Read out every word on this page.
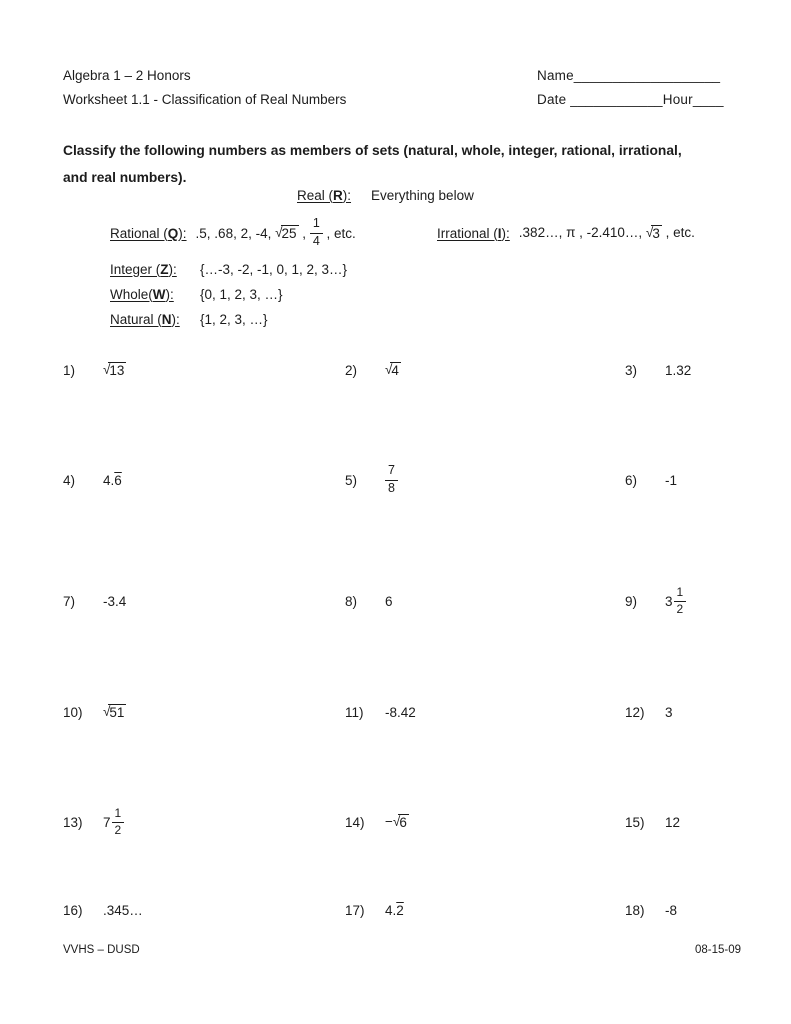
Algebra 1 – 2 Honors
Worksheet 1.1 - Classification of Real Numbers
Name___________________
Date ____________Hour____
Classify the following numbers as members of sets (natural, whole, integer, rational, irrational,
and real numbers).
Real (R): Everything below
Rational (Q): .5, .68, 2, -4, √ 25 , $\frac{1}{4}$ , etc.	Irrational (I): .382…, π , -2.410…, √ 3 , etc.
Integer (Z):	{…-3, -2, -1, 0, 1, 2, 3…}
Whole(W):	{0, 1, 2, 3, …}
Natural (N):	{1, 2, 3, …}
1)	√ 13	2)	√ 4	3)	1.32
4)	4. 6	5)	$\frac{7}{8}$	6)	-1
7)	-3.4	8)	6	9)	$3 \frac{1}{2}$
10)	√ 51	11)	-8.42	12)	3
13)	$7 \frac{1}{2}$	14)	− √ 6	15)	12
16)	.345…	17)	4. 2	18)	-8
VVHS – DUSD	08-15-09
